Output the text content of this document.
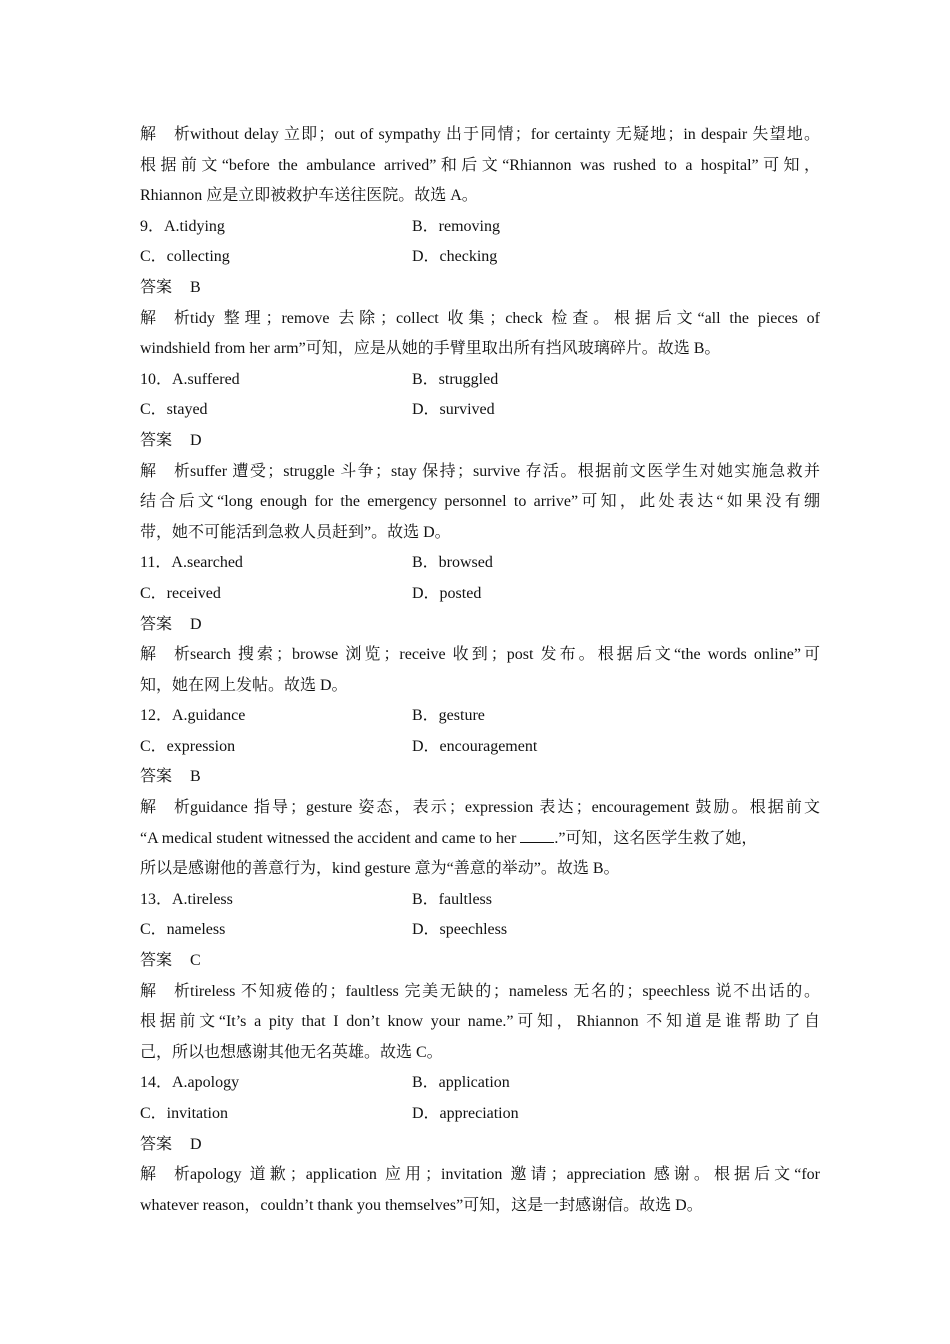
解析without delay 立即；out of sympathy 出于同情；for certainty 无疑地；in despair 失望地。
根据前文“before the ambulance arrived”和后文“Rhiannon was rushed to a hospital”可知，
Rhiannon 应是立即被救护车送往医院。故选 A。
9．A.tidying	B．removing
C．collecting	D．checking
答案 B
解析tidy 整理；remove 去除；collect 收集；check 检查。根据后文“all the pieces of
windshield from her arm”可知，应是从她的手臂里取出所有挡风玻璃碎片。故选 B。
10．A.suffered	B．struggled
C．stayed	D．survived
答案 D
解析suffer 遭受；struggle 斗争；stay 保持；survive 存活。根据前文医学生对她实施急救并
结合后文“long enough for the emergency personnel to arrive”可知，此处表达“如果没有绷
带，她不可能活到急救人员赶到”。故选 D。
11．A.searched	B．browsed
C．received	D．posted
答案 D
解析search 搜索；browse 浏览；receive 收到；post 发布。根据后文“the words online”可
知，她在网上发帖。故选 D。
12．A.guidance	B．gesture
C．expression	D．encouragement
答案 B
解析guidance 指导；gesture 姿态，表示；expression 表达；encouragement 鼓励。根据前文
“A medical student witnessed the accident and came to her .”可知，这名医学生救了她，
所以是感谢他的善意行为，kind gesture 意为“善意的举动”。故选 B。
13．A.tireless	B．faultless
C．nameless	D．speechless
答案 C
解析tireless 不知疲倦的；faultless 完美无缺的；nameless 无名的；speechless 说不出话的。
根据前文“It’s a pity that I don’t know your name.”可知，Rhiannon 不知道是谁帮助了自
己，所以也想感谢其他无名英雄。故选 C。
14．A.apology	B．application
C．invitation	D．appreciation
答案 D
解析apology 道歉；application 应用；invitation 邀请；appreciation 感谢。根据后文“for
whatever reason，couldn’t thank you themselves”可知，这是一封感谢信。故选 D。
